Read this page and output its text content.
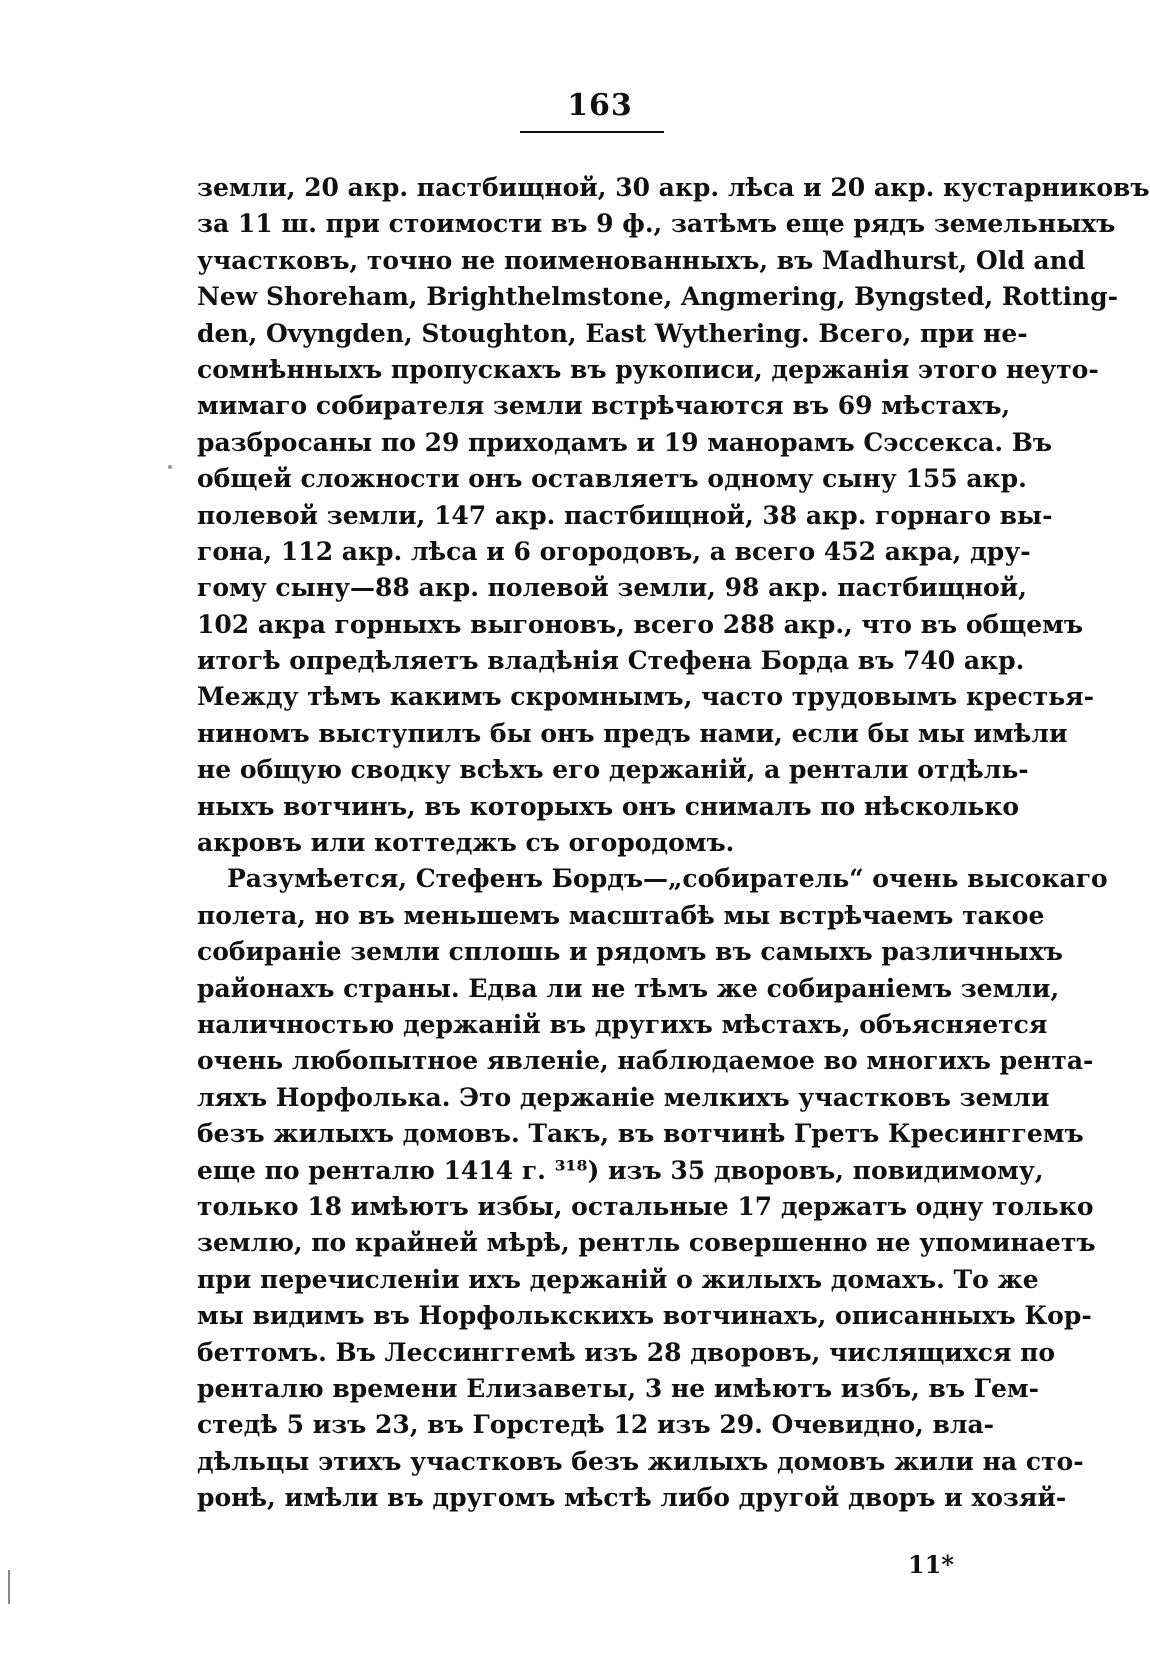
163
земли, 20 акр. пастбищной, 30 акр. лѣса и 20 акр. кустарниковъ
за 11 ш. при стоимости въ 9 ф., затѣмъ еще рядъ земельныхъ
участковъ, точно не поименованныхъ, въ Madhurst, Old and
New Shoreham, Brighthelmstone, Angmering, Byngsted, Rotting-
den, Ovyngden, Stoughton, East Wythering. Всего, при не-
сомнѣнныхъ пропускахъ въ рукописи, держанія этого неуто-
мимаго собирателя земли встрѣчаются въ 69 мѣстахъ,
разбросаны по 29 приходамъ и 19 манорамъ Сэссекса. Въ
общей сложности онъ оставляетъ одному сыну 155 акр.
полевой земли, 147 акр. пастбищной, 38 акр. горнаго вы-
гона, 112 акр. лѣса и 6 огородовъ, а всего 452 акра, дру-
гому сыну—88 акр. полевой земли, 98 акр. пастбищной,
102 акра горныхъ выгоновъ, всего 288 акр., что въ общемъ
итогѣ опредѣляетъ владѣнія Стефена Борда въ 740 акр.
Между тѣмъ какимъ скромнымъ, часто трудовымъ крестья-
ниномъ выступилъ бы онъ предъ нами, если бы мы имѣли
не общую сводку всѣхъ его держаній, а рентали отдѣль-
ныхъ вотчинъ, въ которыхъ онъ снималъ по нѣсколько
акровъ или коттеджъ съ огородомъ.
Разумѣется, Стефенъ Бордъ—„собиратель“ очень высокаго
полета, но въ меньшемъ масштабѣ мы встрѣчаемъ такое
собираніе земли сплошь и рядомъ въ самыхъ различныхъ
районахъ страны. Едва ли не тѣмъ же собираніемъ земли,
наличностью держаній въ другихъ мѣстахъ, объясняется
очень любопытное явленіе, наблюдаемое во многихъ рента-
ляхъ Норфолька. Это держаніе мелкихъ участковъ земли
безъ жилыхъ домовъ. Такъ, въ вотчинѣ Гретъ Кресинггемъ
еще по ренталю 1414 г. ³¹⁸) изъ 35 дворовъ, повидимому,
только 18 имѣютъ избы, остальные 17 держатъ одну только
землю, по крайней мѣрѣ, рентль совершенно не упоминаетъ
при перечисленіи ихъ держаній о жилыхъ домахъ. То же
мы видимъ въ Норфолькскихъ вотчинахъ, описанныхъ Кор-
беттомъ. Въ Лессинггемѣ изъ 28 дворовъ, числящихся по
ренталю времени Елизаветы, 3 не имѣютъ избъ, въ Гем-
стедѣ 5 изъ 23, въ Горстедѣ 12 изъ 29. Очевидно, вла-
дѣльцы этихъ участковъ безъ жилыхъ домовъ жили на сто-
ронѣ, имѣли въ другомъ мѣстѣ либо другой дворъ и хозяй-
11*
